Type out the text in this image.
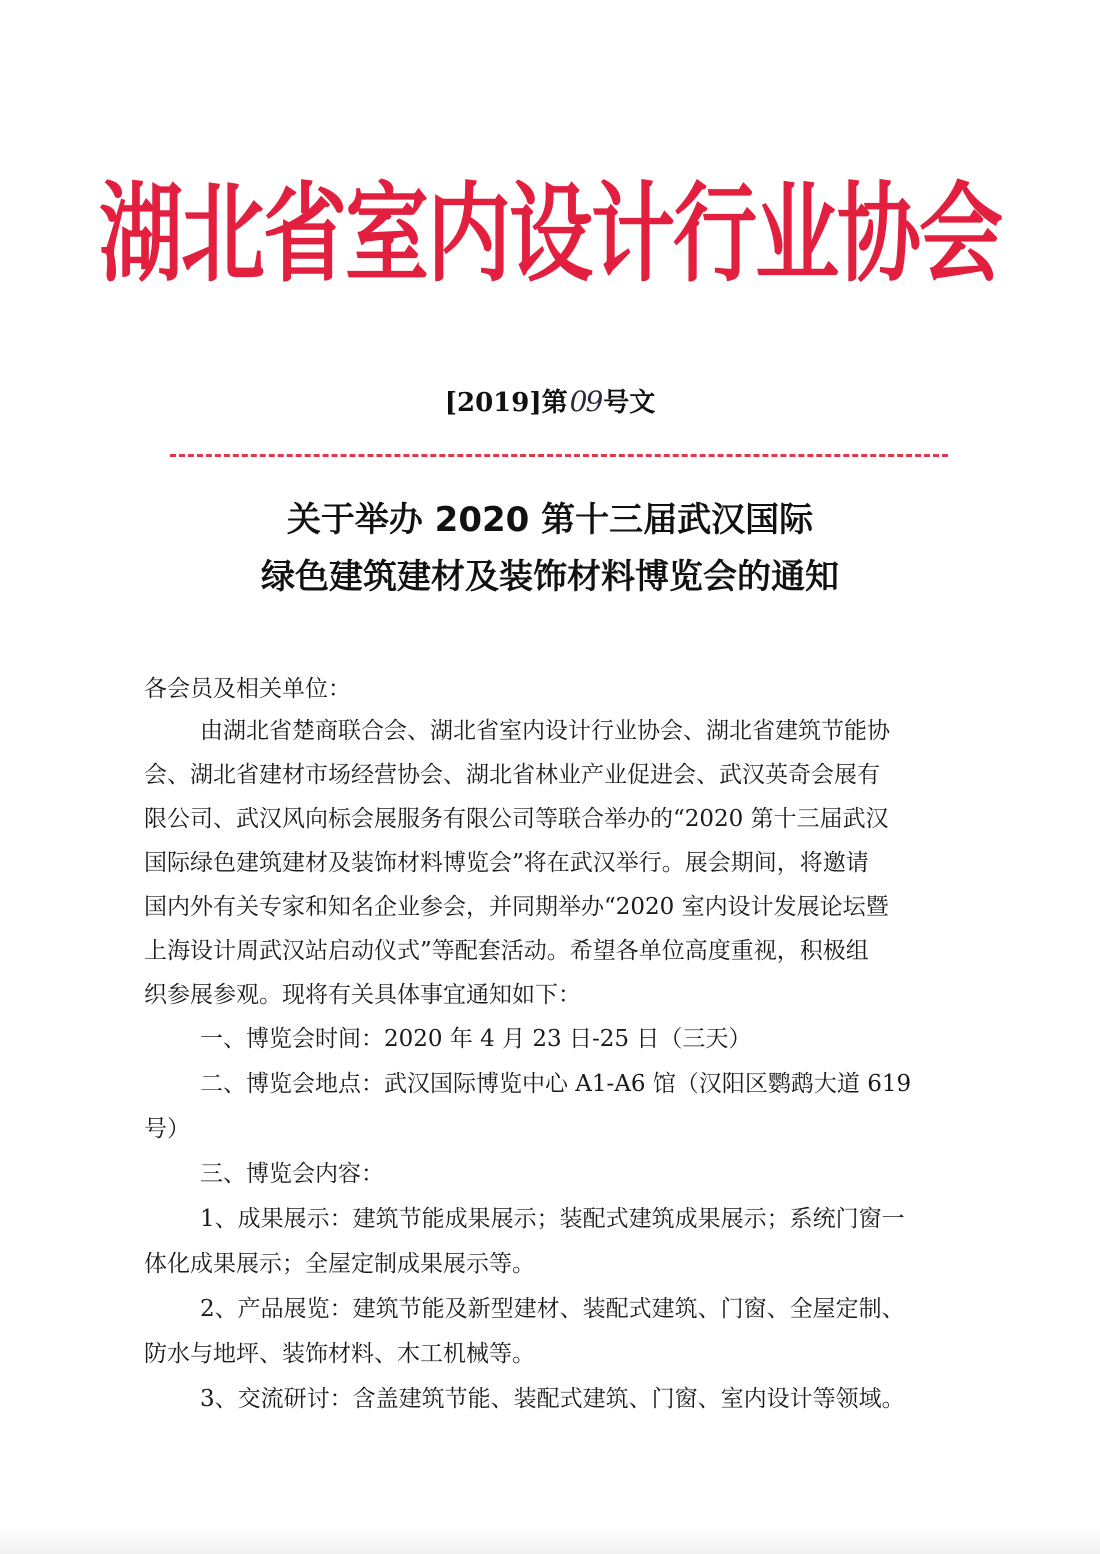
湖北省室内设计行业协会
[2019]第09号文
关于举办 2020 第十三届武汉国际
绿色建筑建材及装饰材料博览会的通知
各会员及相关单位：
由湖北省楚商联合会、湖北省室内设计行业协会、湖北省建筑节能协
会、湖北省建材市场经营协会、湖北省林业产业促进会、武汉英奇会展有
限公司、武汉风向标会展服务有限公司等联合举办的“2020 第十三届武汉
国际绿色建筑建材及装饰材料博览会”将在武汉举行。展会期间，将邀请
国内外有关专家和知名企业参会，并同期举办“2020 室内设计发展论坛暨
上海设计周武汉站启动仪式”等配套活动。希望各单位高度重视，积极组
织参展参观。现将有关具体事宜通知如下：
一、博览会时间：2020 年 4 月 23 日-25 日（三天）
二、博览会地点：武汉国际博览中心 A1-A6 馆（汉阳区鹦鹉大道 619
号）
三、博览会内容：
1、成果展示：建筑节能成果展示；装配式建筑成果展示；系统门窗一
体化成果展示；全屋定制成果展示等。
2、产品展览：建筑节能及新型建材、装配式建筑、门窗、全屋定制、
防水与地坪、装饰材料、木工机械等。
3、交流研讨：含盖建筑节能、装配式建筑、门窗、室内设计等领域。
